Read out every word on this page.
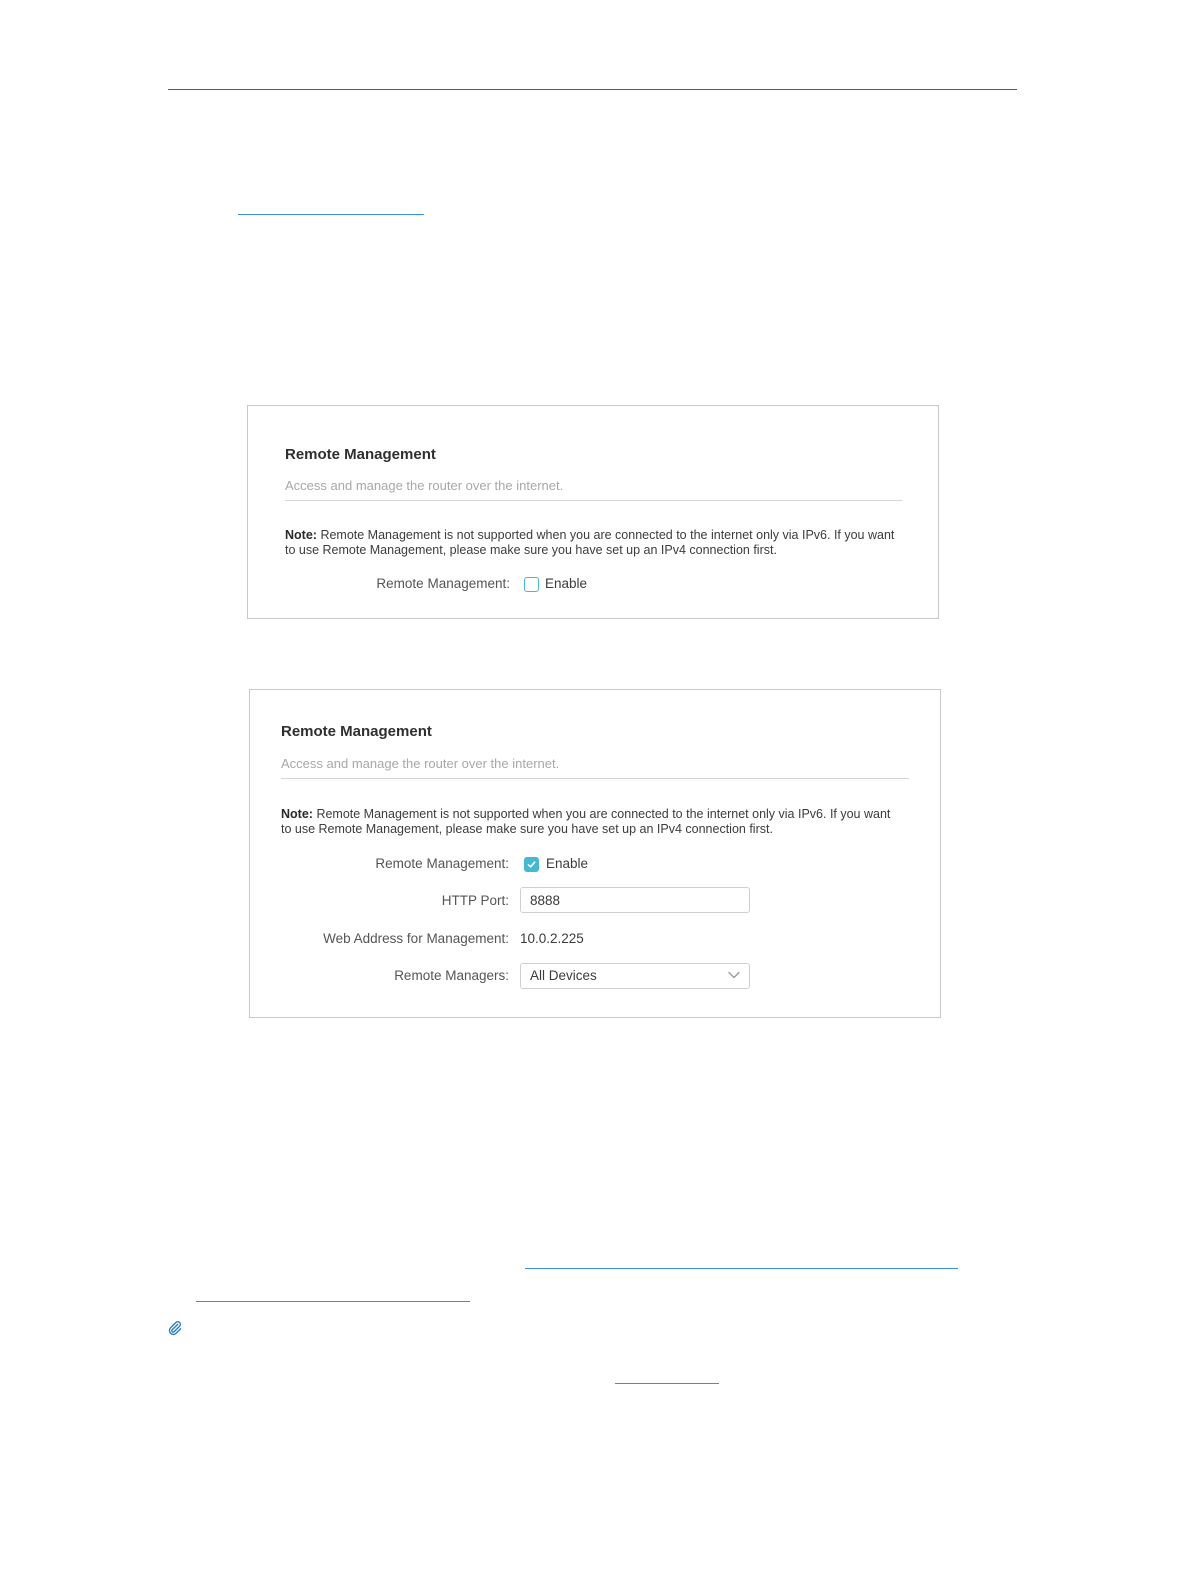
Remote Management
Access and manage the router over the internet.
Note: Remote Management is not supported when you are connected to the internet only via IPv6. If you want to use Remote Management, please make sure you have set up an IPv4 connection first.
Remote Management:	Enable
Remote Management
Access and manage the router over the internet.
Note: Remote Management is not supported when you are connected to the internet only via IPv6. If you want to use Remote Management, please make sure you have set up an IPv4 connection first.
Remote Management:	Enable
HTTP Port:
8888
Web Address for Management: 10.0.2.225
Remote Managers: All Devices
